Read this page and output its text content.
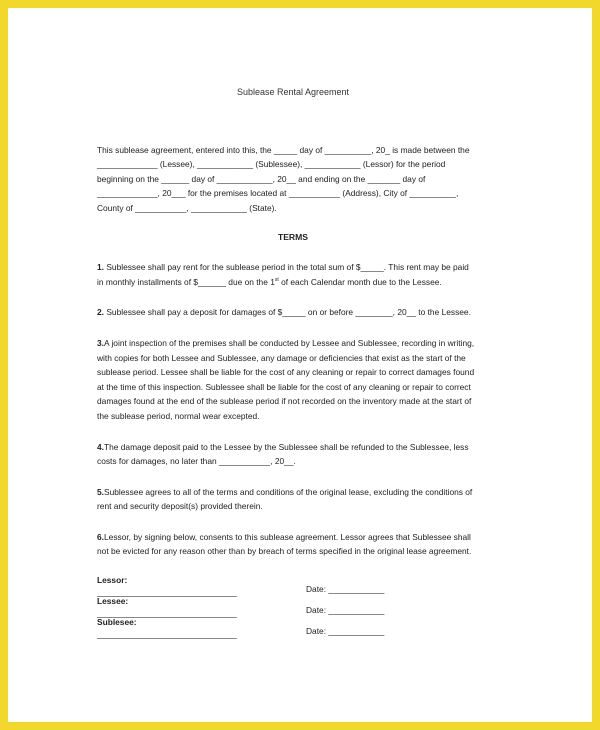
Sublease Rental Agreement

This sublease agreement, entered into this, the _____ day of __________, 20_ is made between the

_____________ (Lessee), ____________ (Sublessee), ____________ (Lessor) for the period

beginning on the ______ day of ____________, 20__ and ending on the _______ day of

_____________, 20___ for the premises located at ___________ (Address), City of __________,

County of ___________, ____________ (State).

TERMS
1. Sublessee shall pay rent for the sublease period in the total sum of $_____. This rent may be paid
in monthly installments of $______ due on the 1st of each Calendar month due to the Lessee.
2. Sublessee shall pay a deposit for damages of $_____ on or before ________, 20__ to the Lessee.
3.A joint inspection of the premises shall be conducted by Lessee and Sublessee, recording in writing,
with copies for both Lessee and Sublessee, any damage or deficiencies that exist as the start of the
sublease period. Lessee shall be liable for the cost of any cleaning or repair to correct damages found
at the time of this inspection. Sublessee shall be liable for the cost of any cleaning or repair to correct
damages found at the end of the sublease period if not recorded on the inventory made at the start of
the sublease period, normal wear excepted.
4.The damage deposit paid to the Lessee by the Sublessee shall be refunded to the Sublessee, less
costs for damages, no later than ___________, 20__.
5.Sublessee agrees to all of the terms and conditions of the original lease, excluding the conditions of
rent and security deposit(s) provided therein.
6.Lessor, by signing below, consents to this sublease agreement. Lessor agrees that Sublessee shall
not be evicted for any reason other than by breach of terms specified in the original lease agreement.
Lessor:
______________________________	Date: ____________
Lessee:
______________________________	Date: ____________
Sublesee:
______________________________	Date: ____________
